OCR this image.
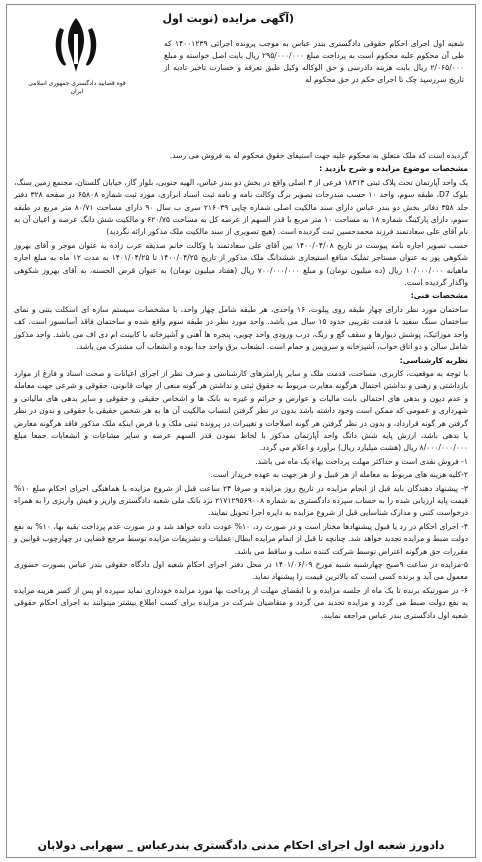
(آگهی مزایده (نوبت اول
قوه قضاییه دادگستری جمهوری اسلامی ایران
شعبه اول اجرای احکام حقوقی دادگستری بندر عباس به موجب پرونده اجرائی ۱۴۰۰۱۲۳۹ که طی آن محکوم علیه محکوم است به پرداخت مبلغ ۲۹۵/۰۰۰/۰۰۰ ریال بابت اصل خواسته و مبلغ ۲/۰۶۵/۰۰۰ ریال بابت هزینه دادرسی و حق الوکاله وکیل طبق تعرفه و خسارت تاخیر تادیه از تاریخ سررسید چک تا اجرای حکم در حق محکوم له

گردیده است که ملک متعلق به محکوم علیه جهت استیفای حقوق محکوم له به فروش می رسد.

مشخصات موضوع مزایده و شرح بازدید :

یک واحد آپارتمان تحت پلاک ثبتی ۱۸۳۱۳ فرعی از ۳ اصلی واقع در بخش دو بندر عباس، الهیه جنوبی، بلوار گاز، خیابان گلستان، مجتمع زمین سنگ، بلوک D7، طبقه سوم، واحد ۱۰ حسب مندرجات تصویر برگ وکالت نامه و نامه ثبت اسناد ابراری، مورد ثبت شماره ۶۵۸۰۸ در صفحه ۳۲۸ دفتر جلد ۳۵۸ دفاتر بخش دو بندر عباس دارای سند مالکیت اصلی شماره چاپی ۲۱۶۰۳۹ سری ب سال ۹۰ دارای مساحت ۸۰/۷۱ متر مربع در طبقه سوم، دارای پارکینگ شماره ۱۸ به مساحت ۱۰ متر مربع با قدر السهم از عرصه کل به مساحت ۶۲۰/۷۵ و مالکیت شش دانگ عرصه و اعیان آن به نام آقای علی سعادتمند فرزند محمدحسین ثبت گردیده است. (هیچ تصویری از سند مالکیت ملک مذکور ارائه نگردید)

حسب تصویر اجاره نامه پیوست در تاریخ ۱۴۰۰/۰۴/۰۸ بین آقای علی سعادتمند با وکالت خانم صدیقه عرب زاده به عنوان موجر و آقای بهروز شکوهی پور به عنوان مستاجر تملیک منافع استیجاری ششدانگ ملک مذکور از تاریخ ۱۴۰۰/۰۴/۲۵ تا ۱۴۰۱/۰۴/۲۵ به مدت ۱۲ ماه به مبلغ اجاره ماهیانه ۱۰/۰۰۰/۰۰۰ ریال (ده میلیون تومان) و مبلغ ۷۰۰/۰۰۰/۰۰۰ ریال (هفتاد میلیون تومان) به عنوان قرض الحسنه، به آقای بهروز شکوهی واگذار گردیده است.

مشخصات فنی:

ساختمان مورد نظر دارای چهار طبقه روی پیلوت، ۱۶ واحدی، هر طبقه شامل چهار واحد، با مشخصات سیستم سازه ای اسکلت بتنی و نمای ساختمان سنگ سفید با قدمت تقریبی حدود ۱۵ سال می باشد. واحد مورد نظر در طبقه سوم واقع شده و ساختمان فاقد آسانسور است. کف واحد موزائیک، پوشش دیوارها و سقف گچ و رنگ، درب ورودی واحد چوبی، پنجره ها آهنی و آشپزخانه با کابینت ام دی اف می باشد. واحد مذکور شامل سالن و دو اتاق خواب، آشپزخانه و سرویس و حمام است. انشعاب برق واحد جدا بوده و انشعاب آب مشترک می باشد.

نظریه کارشناسی:

با توجه به موقعیت، کاربری، مساحت، قدمت ملک و سایر پارامترهای کارشناسی و صرف نظر از اجرای اعیانات و صحت اسناد و فارغ از موارد بازداشتی و رهنی و نداشتن احتمال هرگونه مغایرت مربوط به حقوق ثبتی و نداشتن هر گونه منعی از جهات قانونی، حقوقی و شرعی جهت معامله و عدم دیون و بدهی های احتمالی بابت مالیات و عوارض و جرائم و غیره به بانک ها و اشخاص حقیقی و حقوقی و سایر بدهی های مالیاتی و شهرداری و عمومی که ممکن است وجود داشته باشد بدون در نظر گرفتن انتساب مالکیت آن ها به هر شخص حقیقی یا حقوقی و بدون در نظر گرفتن هر گونه قرارداد، و بدون در نظر گرفتن هر گونه اصلاحات و تغییرات در پرونده ثبتی ملک و با فرض اینکه ملک مذکور فاقد هرگونه معارض یا بدهی باشد، ارزش پایه شش دانگ واحد آپارتمان مذکور با لحاظ نمودن قدر السهم عرصه و سایر مشاعات و انشعابات جمعا مبلغ ۸/۰۰۰/۰۰۰/۰۰۰ ریال (هشت میلیارد ریال) برآورد و اعلام می گردد.

۱- فروش نقدی است و حداکثر مهلت پرداخت بهاء یک ماه می باشد.

۲-کلیه هزینه های مربوط به معامله از هر قبیل و از هر جهت به عهده خریدار است.

۳- پیشنهاد دهندگان باید قبل از انجام مزایده در تاریخ روز مزایده و صرفا ۲۴ ساعت قبل از شروع مزایده با هماهنگی اجرای احکام مبلغ ۱۰% قیمت پایه ارزیابی شده را به حساب سپرده دادگستری به شماره ۲۱۷۱۲۹۵۶۹۰۰۸ نزد بانک ملی شعبه دادگستری واریز و فیش واریزی را به همراه درخواست کتبی و مدارک شناسایی قبل از شروع مزایده به دایره اجرا تحویل نمایند.

۴- اجرای احکام در رد یا قبول پیشنهادها مختار است و در صورت رد، ۱۰% عودت داده خواهد شد و در صورت عدم پرداخت بقیه بها، ۱۰% به نفع دولت ضبط و مزایده تجدید خواهد شد. چنانچه تا قبل از اتمام مزایده ابطال عملیات و تشریفات مزایده توسط مرجع قضایی در چهارچوب قوانین و مقررات حق هرگونه اعتراض توسط شرکت کننده سلب و ساقط می باشد.

۵-مزایده در ساعت ۹صبح چهارشنبه شنبه مورخ ۱۴۰۱/۰۶/۰۹ در محل دفتر اجرای احکام شعبه اول دادگاه حقوقی بندر عباس بصورت حضوری معمول می آید و برنده کسی است که بالاترین قیمت را پیشنهاد نماید.

۶- در صورتیکه برنده تا یک ماه از جلسه مزایده و با انقضای مهلت از پرداخت بها مورد مزایده خودداری نماید سپرده او پس از کسر هزینه مزایده به نفع دولت ضبط می گردد و مزایده تجدید می گردد و متقاضیان شرکت در مزایده برای کسب اطلاع بیشتر میتوانند به اجرای احکام حقوقی شعبه اول دادگستری بندر عباس مراجعه نمایند.

دادورز شعبه اول اجرای احکام مدنی دادگستری بندرعباس _ سهرابی دولابان
